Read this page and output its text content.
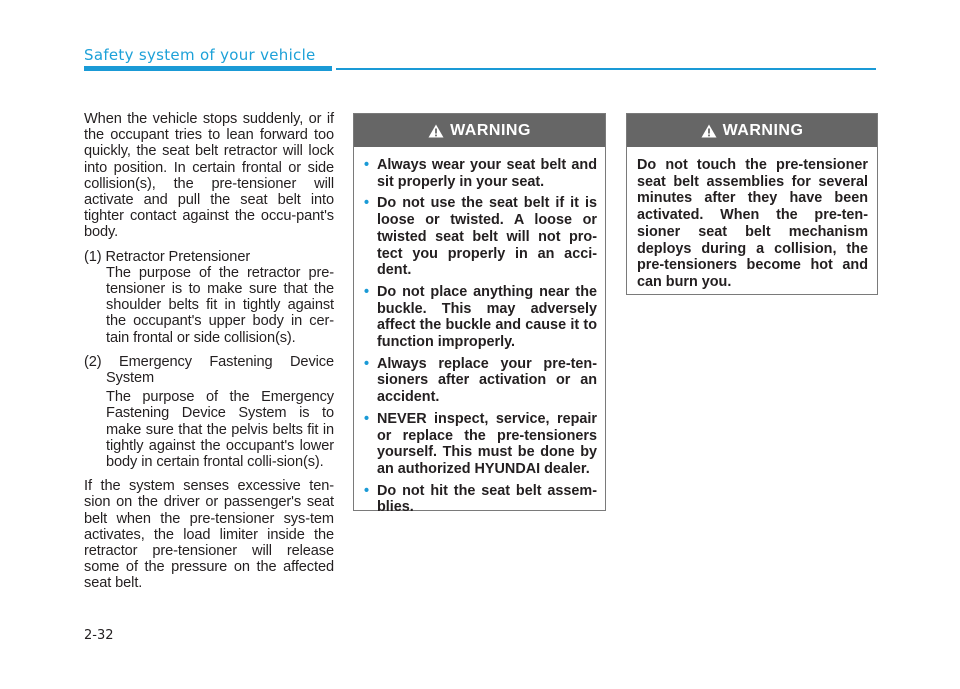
Safety system of your vehicle

When the vehicle stops suddenly, or if the occupant tries to lean forward too quickly, the seat belt retractor will lock into position. In certain frontal or side collision(s), the pre-tensioner will activate and pull the seat belt into tighter contact against the occu-pant's body.

(1) Retractor Pretensioner

The purpose of the retractor pre-tensioner is to make sure that the shoulder belts fit in tightly against the occupant's upper body in cer-tain frontal or side collision(s).

(2) Emergency Fastening Device System

The purpose of the Emergency Fastening Device System is to make sure that the pelvis belts fit in tightly against the occupant's lower body in certain frontal colli-sion(s).

If the system senses excessive ten-sion on the driver or passenger's seat belt when the pre-tensioner sys-tem activates, the load limiter inside the retractor pre-tensioner will release some of the pressure on the affected seat belt.

WARNING
• Always wear your seat belt and sit properly in your seat.
• Do not use the seat belt if it is loose or twisted. A loose or twisted seat belt will not pro-tect you properly in an acci-dent.
• Do not place anything near the buckle. This may adversely affect the buckle and cause it to function improperly.
• Always replace your pre-ten-sioners after activation or an accident.
• NEVER inspect, service, repair or replace the pre-tensioners yourself. This must be done by an authorized HYUNDAI dealer.
• Do not hit the seat belt assem-blies.
WARNING
Do not touch the pre-tensioner seat belt assemblies for several minutes after they have been activated. When the pre-ten-sioner seat belt mechanism deploys during a collision, the pre-tensioners become hot and can burn you.
2-32
